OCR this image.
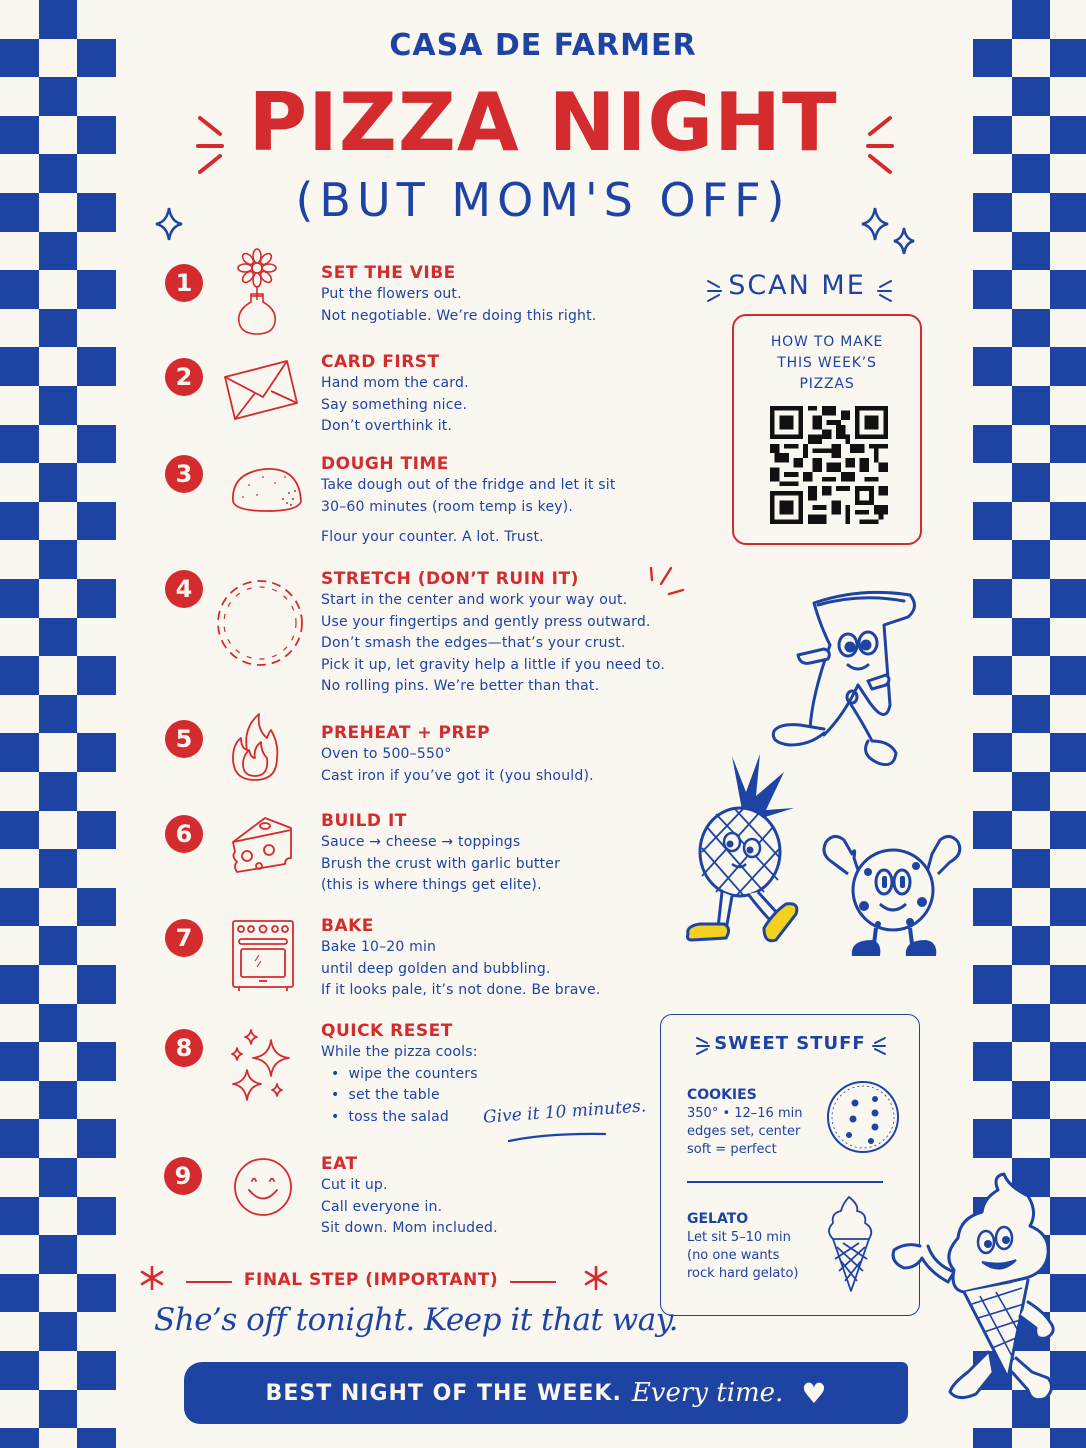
CASA DE FARMER
PIZZA NIGHT
(BUT MOM'S OFF)
1	SET THE VIBE
Put the flowers out.
Not negotiable. We’re doing this right.
2
CARD FIRST
Hand mom the card.
Say something nice.
Don’t overthink it.
3	DOUGH TIME
Take dough out of the fridge and let it sit
30–60 minutes (room temp is key).
Flour your counter. A lot. Trust.
4	STRETCH (DON’T RUIN IT)
Start in the center and work your way out.
Use your fingertips and gently press outward.
Don’t smash the edges—that’s your crust.
Pick it up, let gravity help a little if you need to.
No rolling pins. We’re better than that.
5	PREHEAT + PREP
Oven to 500–550°
Cast iron if you’ve got it (you should).
6	BUILD IT
Sauce → cheese → toppings
Brush the crust with garlic butter
(this is where things get elite).
7	BAKE
Bake 10–20 min
until deep golden and bubbling.
If it looks pale, it’s not done. Be brave.
8
QUICK RESET
While the pizza cools:
• wipe the counters
• set the table
• toss the salad	Give it 10 minutes.
9	EAT
Cut it up.
Call everyone in.
Sit down. Mom included.
SCAN ME
HOW TO MAKE
THIS WEEK’S
PIZZAS
SWEET STUFF
COOKIES
350° • 12–16 min
edges set, center
soft = perfect
GELATO
Let sit 5–10 min
(no one wants
rock hard gelato)
FINAL STEP (IMPORTANT)
She’s off tonight. Keep it that way.
BEST NIGHT OF THE WEEK. Every time. ♥
